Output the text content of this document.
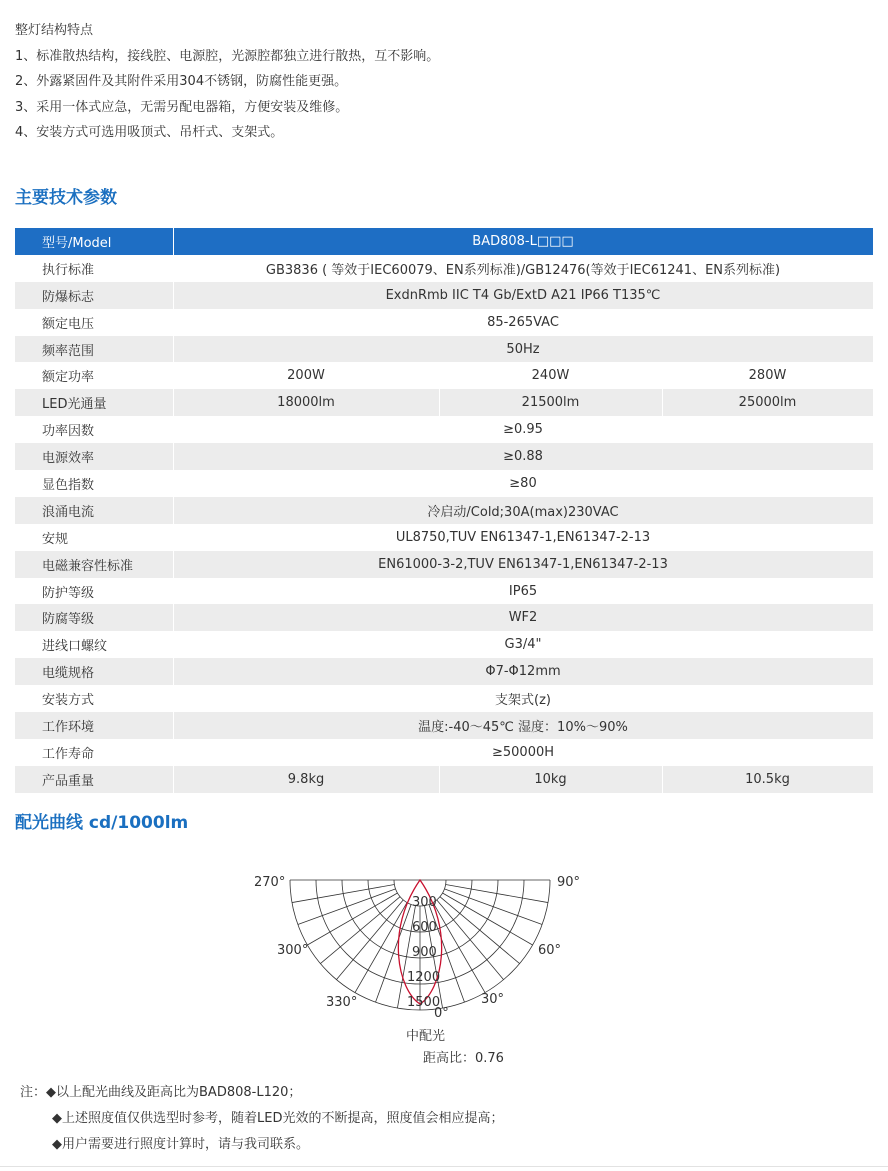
整灯结构特点
1、标准散热结构，接线腔、电源腔，光源腔都独立进行散热，互不影响。
2、外露紧固件及其附件采用304不锈钢，防腐性能更强。
3、采用一体式应急，无需另配电器箱，方便安装及维修。
4、安装方式可选用吸顶式、吊杆式、支架式。
主要技术参数
型号/Model	BAD808-L□□□		
执行标准	GB3836 ( 等效于IEC60079、EN系列标准)/GB12476(等效于IEC61241、EN系列标准)		
防爆标志	ExdnRmb IIC T4 Gb/ExtD A21 IP66 T135℃		
额定电压	85-265VAC		
频率范围	50Hz		
额定功率	200W	240W	280W
LED光通量	18000lm	21500lm	25000lm
功率因数	≥0.95		
电源效率	≥0.88		
显色指数	≥80		
浪涌电流	冷启动/Cold;30A(max)230VAC		
安规	UL8750,TUV EN61347-1,EN61347-2-13		
电磁兼容性标准	EN61000-3-2,TUV EN61347-1,EN61347-2-13		
防护等级	IP65		
防腐等级	WF2		
进线口螺纹	G3/4"		
电缆规格	Φ7-Φ12mm		
安装方式	支架式(z)		
工作环境	温度:-40～45℃ 湿度：10%～90%		
工作寿命	≥50000H		
产品重量	9.8kg	10kg	10.5kg
配光曲线 cd/1000lm
270°	90°
300°	60°
330°	30°
0°
300
600
900
1200
1500
中配光
距高比：0.76
注：◆以上配光曲线及距高比为BAD808-L120；
◆上述照度值仅供选型时参考，随着LED光效的不断提高，照度值会相应提高；
◆用户需要进行照度计算时，请与我司联系。
